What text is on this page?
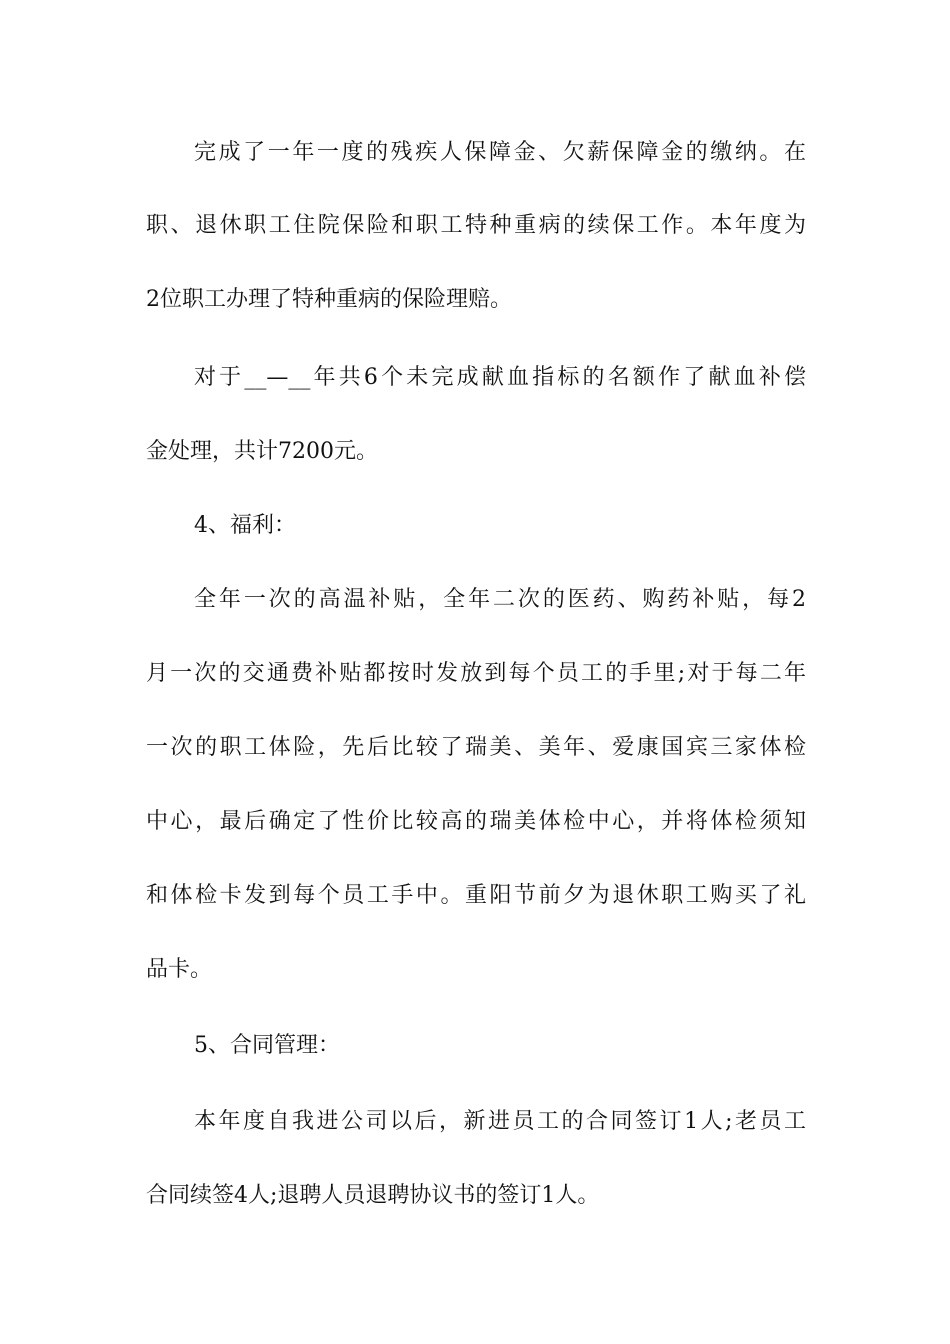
完成了一年一度的残疾人保障金、欠薪保障金的缴纳。在
职、退休职工住院保险和职工特种重病的续保工作。本年度为
2位职工办理了特种重病的保险理赔。
对于__—__年共6个未完成献血指标的名额作了献血补偿
金处理，共计7200元。
4、福利：
全年一次的高温补贴，全年二次的医药、购药补贴，每2
月一次的交通费补贴都按时发放到每个员工的手里;对于每二年
一次的职工体险，先后比较了瑞美、美年、爱康国宾三家体检
中心，最后确定了性价比较高的瑞美体检中心，并将体检须知
和体检卡发到每个员工手中。重阳节前夕为退休职工购买了礼
品卡。
5、合同管理：
本年度自我进公司以后，新进员工的合同签订1人;老员工
合同续签4人;退聘人员退聘协议书的签订1人。
